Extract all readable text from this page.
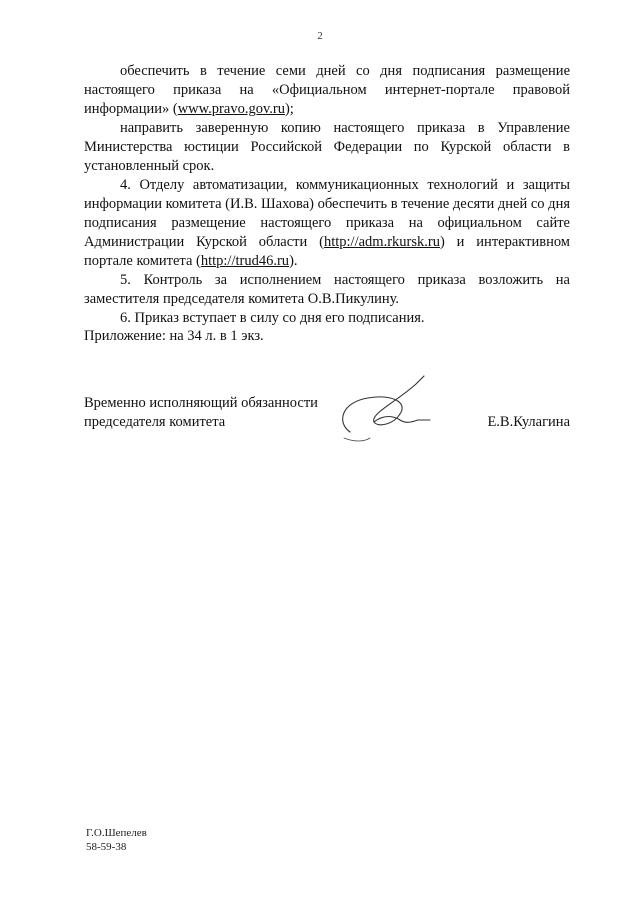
2

обеспечить в течение семи дней со дня подписания размещение настоящего приказа на «Официальном интернет-портале правовой информации» (www.pravo.gov.ru);

направить заверенную копию настоящего приказа в Управление Министерства юстиции Российской Федерации по Курской области в установленный срок.

4. Отделу автоматизации, коммуникационных технологий и защиты информации комитета (И.В. Шахова) обеспечить в течение десяти дней со дня подписания размещение настоящего приказа на официальном сайте Администрации Курской области (http://adm.rkursk.ru) и интерактивном портале комитета (http://trud46.ru).

5. Контроль за исполнением настоящего приказа возложить на заместителя председателя комитета О.В.Пикулину.

6. Приказ вступает в силу со дня его подписания.

Приложение: на 34 л. в 1 экз.
Временно исполняющий обязанности
председателя комитета	Е.В.Кулагина
Г.О.Шепелев
58-59-38
